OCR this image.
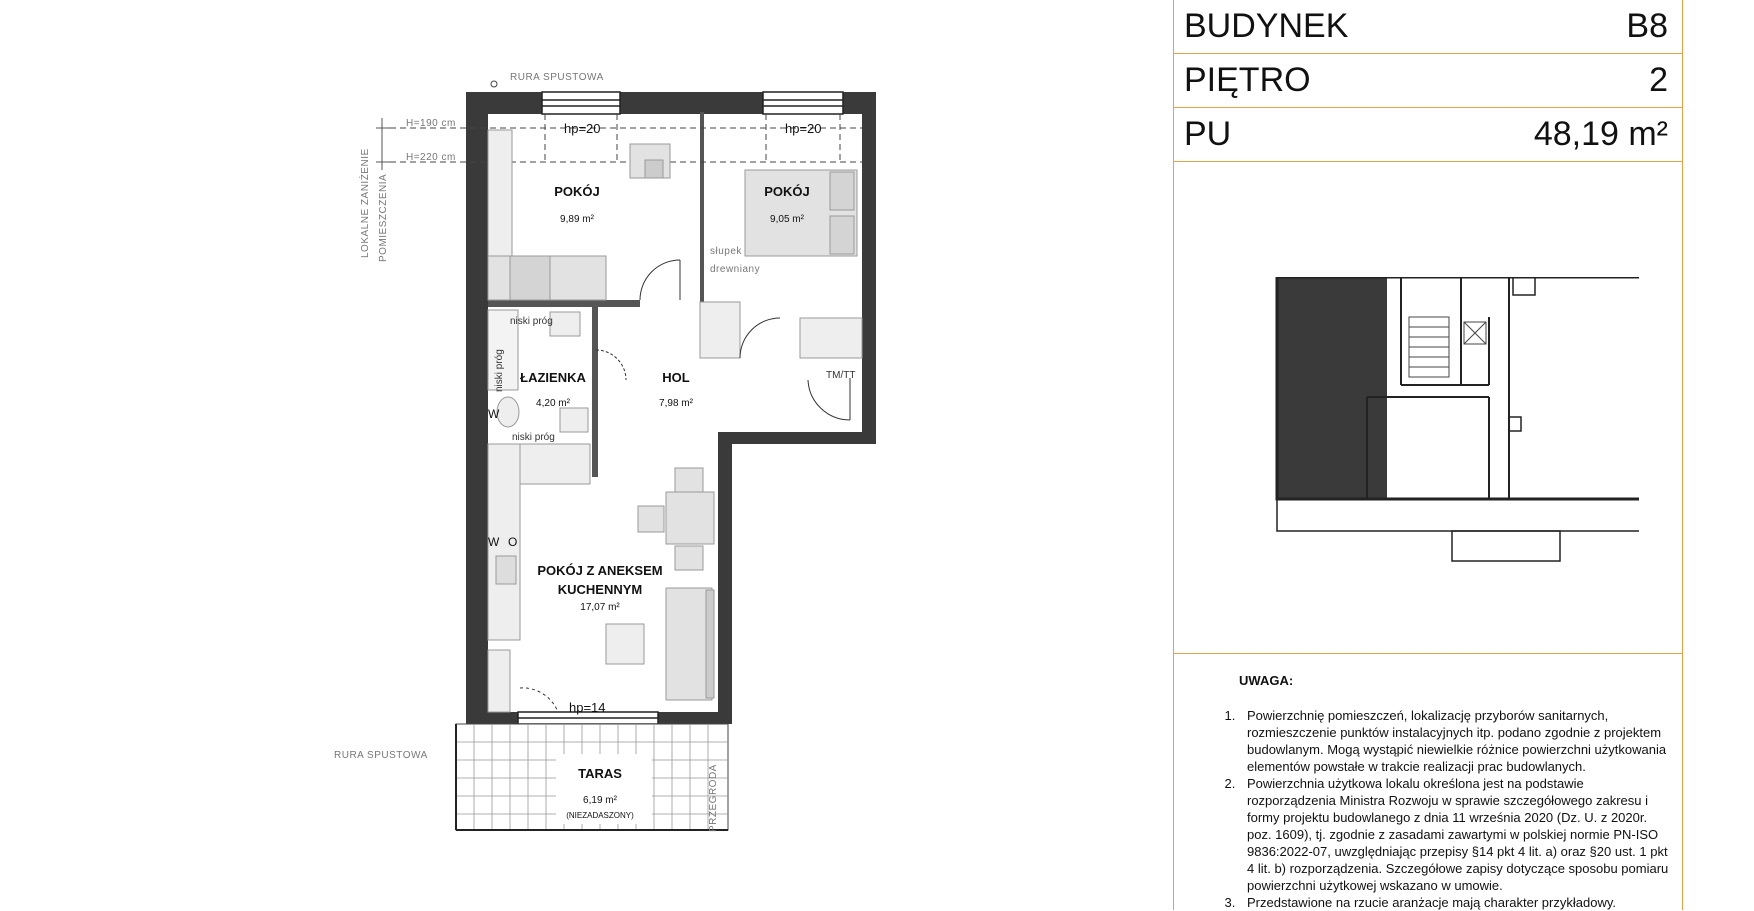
POKÓJ
9,89 m²
POKÓJ
9,05 m²
ŁAZIENKA
4,20 m²
HOL
7,98 m²
POKÓJ Z ANEKSEM
KUCHENNYM
17,07 m²
TARAS
6,19 m²
(NIEZADASZONY)
RURA SPUSTOWA
RURA SPUSTOWA
H=190 cm
H=220 cm
LOKALNE ZANIŻENIE POMIESZCZENIA
hp=20	hp=20
hp=14
słupek
drewniany
niski próg
niski próg
niski próg
TM/TT
W
W O
PRZEGRODA
BUDYNEK	B8
PIĘTRO	2
PU	48,19 m²
UWAGA:
1. Powierzchnię pomieszczeń, lokalizację przyborów sanitarnych, rozmieszczenie punktów instalacyjnych itp. podano zgodnie z projektem budowlanym. Mogą wystąpić niewielkie różnice powierzchni użytkowania elementów powstałe w trakcie realizacji prac budowlanych.
2. Powierzchnia użytkowa lokalu określona jest na podstawie rozporządzenia Ministra Rozwoju w sprawie szczegółowego zakresu i formy projektu budowlanego z dnia 11 września 2020 (Dz. U. z 2020r. poz. 1609), tj. zgodnie z zasadami zawartymi w polskiej normie PN-ISO 9836:2022-07, uwzględniając przepisy §14 pkt 4 lit. a) oraz §20 ust. 1 pkt 4 lit. b) rozporządzenia. Szczegółowe zapisy dotyczące sposobu pomiaru powierzchni użytkowej wskazano w umowie.
3. Przedstawione na rzucie aranżacje mają charakter przykładowy.
